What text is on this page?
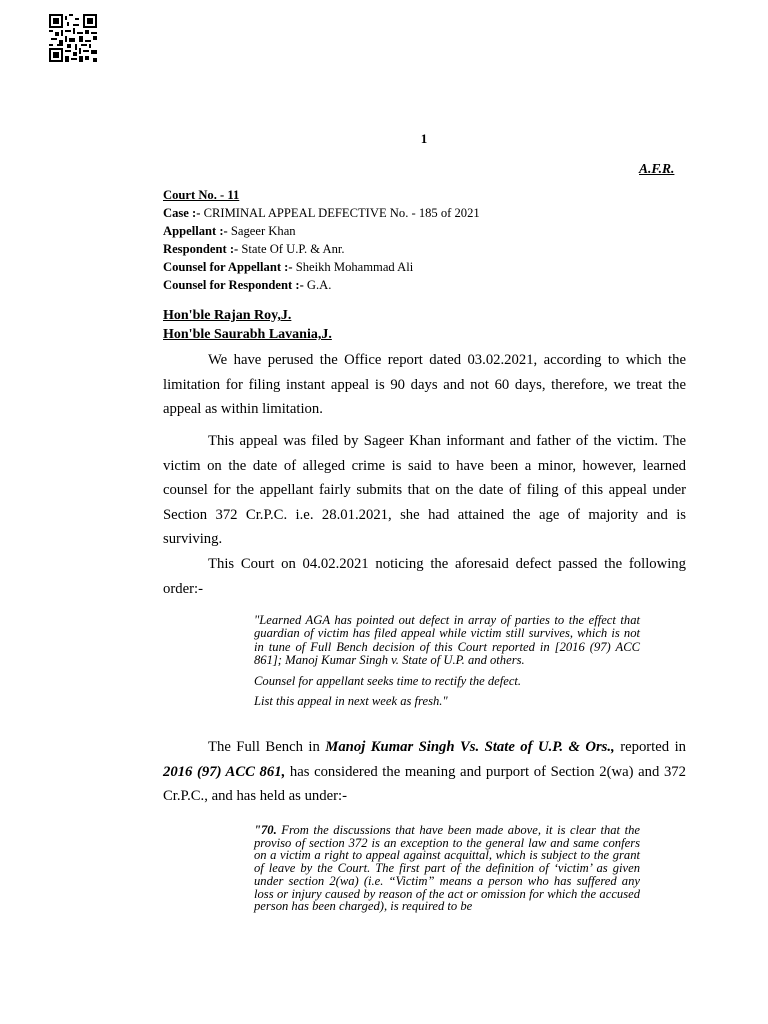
1
A.F.R.
Court No. - 11
Case :- CRIMINAL APPEAL DEFECTIVE No. - 185 of 2021
Appellant :- Sageer Khan
Respondent :- State Of U.P. & Anr.
Counsel for Appellant :- Sheikh Mohammad Ali
Counsel for Respondent :- G.A.
Hon'ble Rajan Roy,J.
Hon'ble Saurabh Lavania,J.

We have perused the Office report dated 03.02.2021, according to which the limitation for filing instant appeal is 90 days and not 60 days, therefore, we treat the appeal as within limitation.

This appeal was filed by Sageer Khan informant and father of the victim. The victim on the date of alleged crime is said to have been a minor, however, learned counsel for the appellant fairly submits that on the date of filing of this appeal under Section 372 Cr.P.C. i.e. 28.01.2021, she had attained the age of majority and is surviving.

This Court on 04.02.2021 noticing the aforesaid defect passed the following order:-

"Learned AGA has pointed out defect in array of parties to the effect that guardian of victim has filed appeal while victim still survives, which is not in tune of Full Bench decision of this Court reported in [2016 (97) ACC 861]; Manoj Kumar Singh v. State of U.P. and others.

Counsel for appellant seeks time to rectify the defect.

List this appeal in next week as fresh."

The Full Bench in Manoj Kumar Singh Vs. State of U.P. & Ors., reported in 2016 (97) ACC 861, has considered the meaning and purport of Section 2(wa) and 372 Cr.P.C., and has held as under:-

"70. From the discussions that have been made above, it is clear that the proviso of section 372 is an exception to the general law and same confers on a victim a right to appeal against acquittal, which is subject to the grant of leave by the Court. The first part of the definition of ‘victim’ as given under section 2(wa) (i.e. “Victim” means a person who has suffered any loss or injury caused by reason of the act or omission for which the accused person has been charged), is required to be
